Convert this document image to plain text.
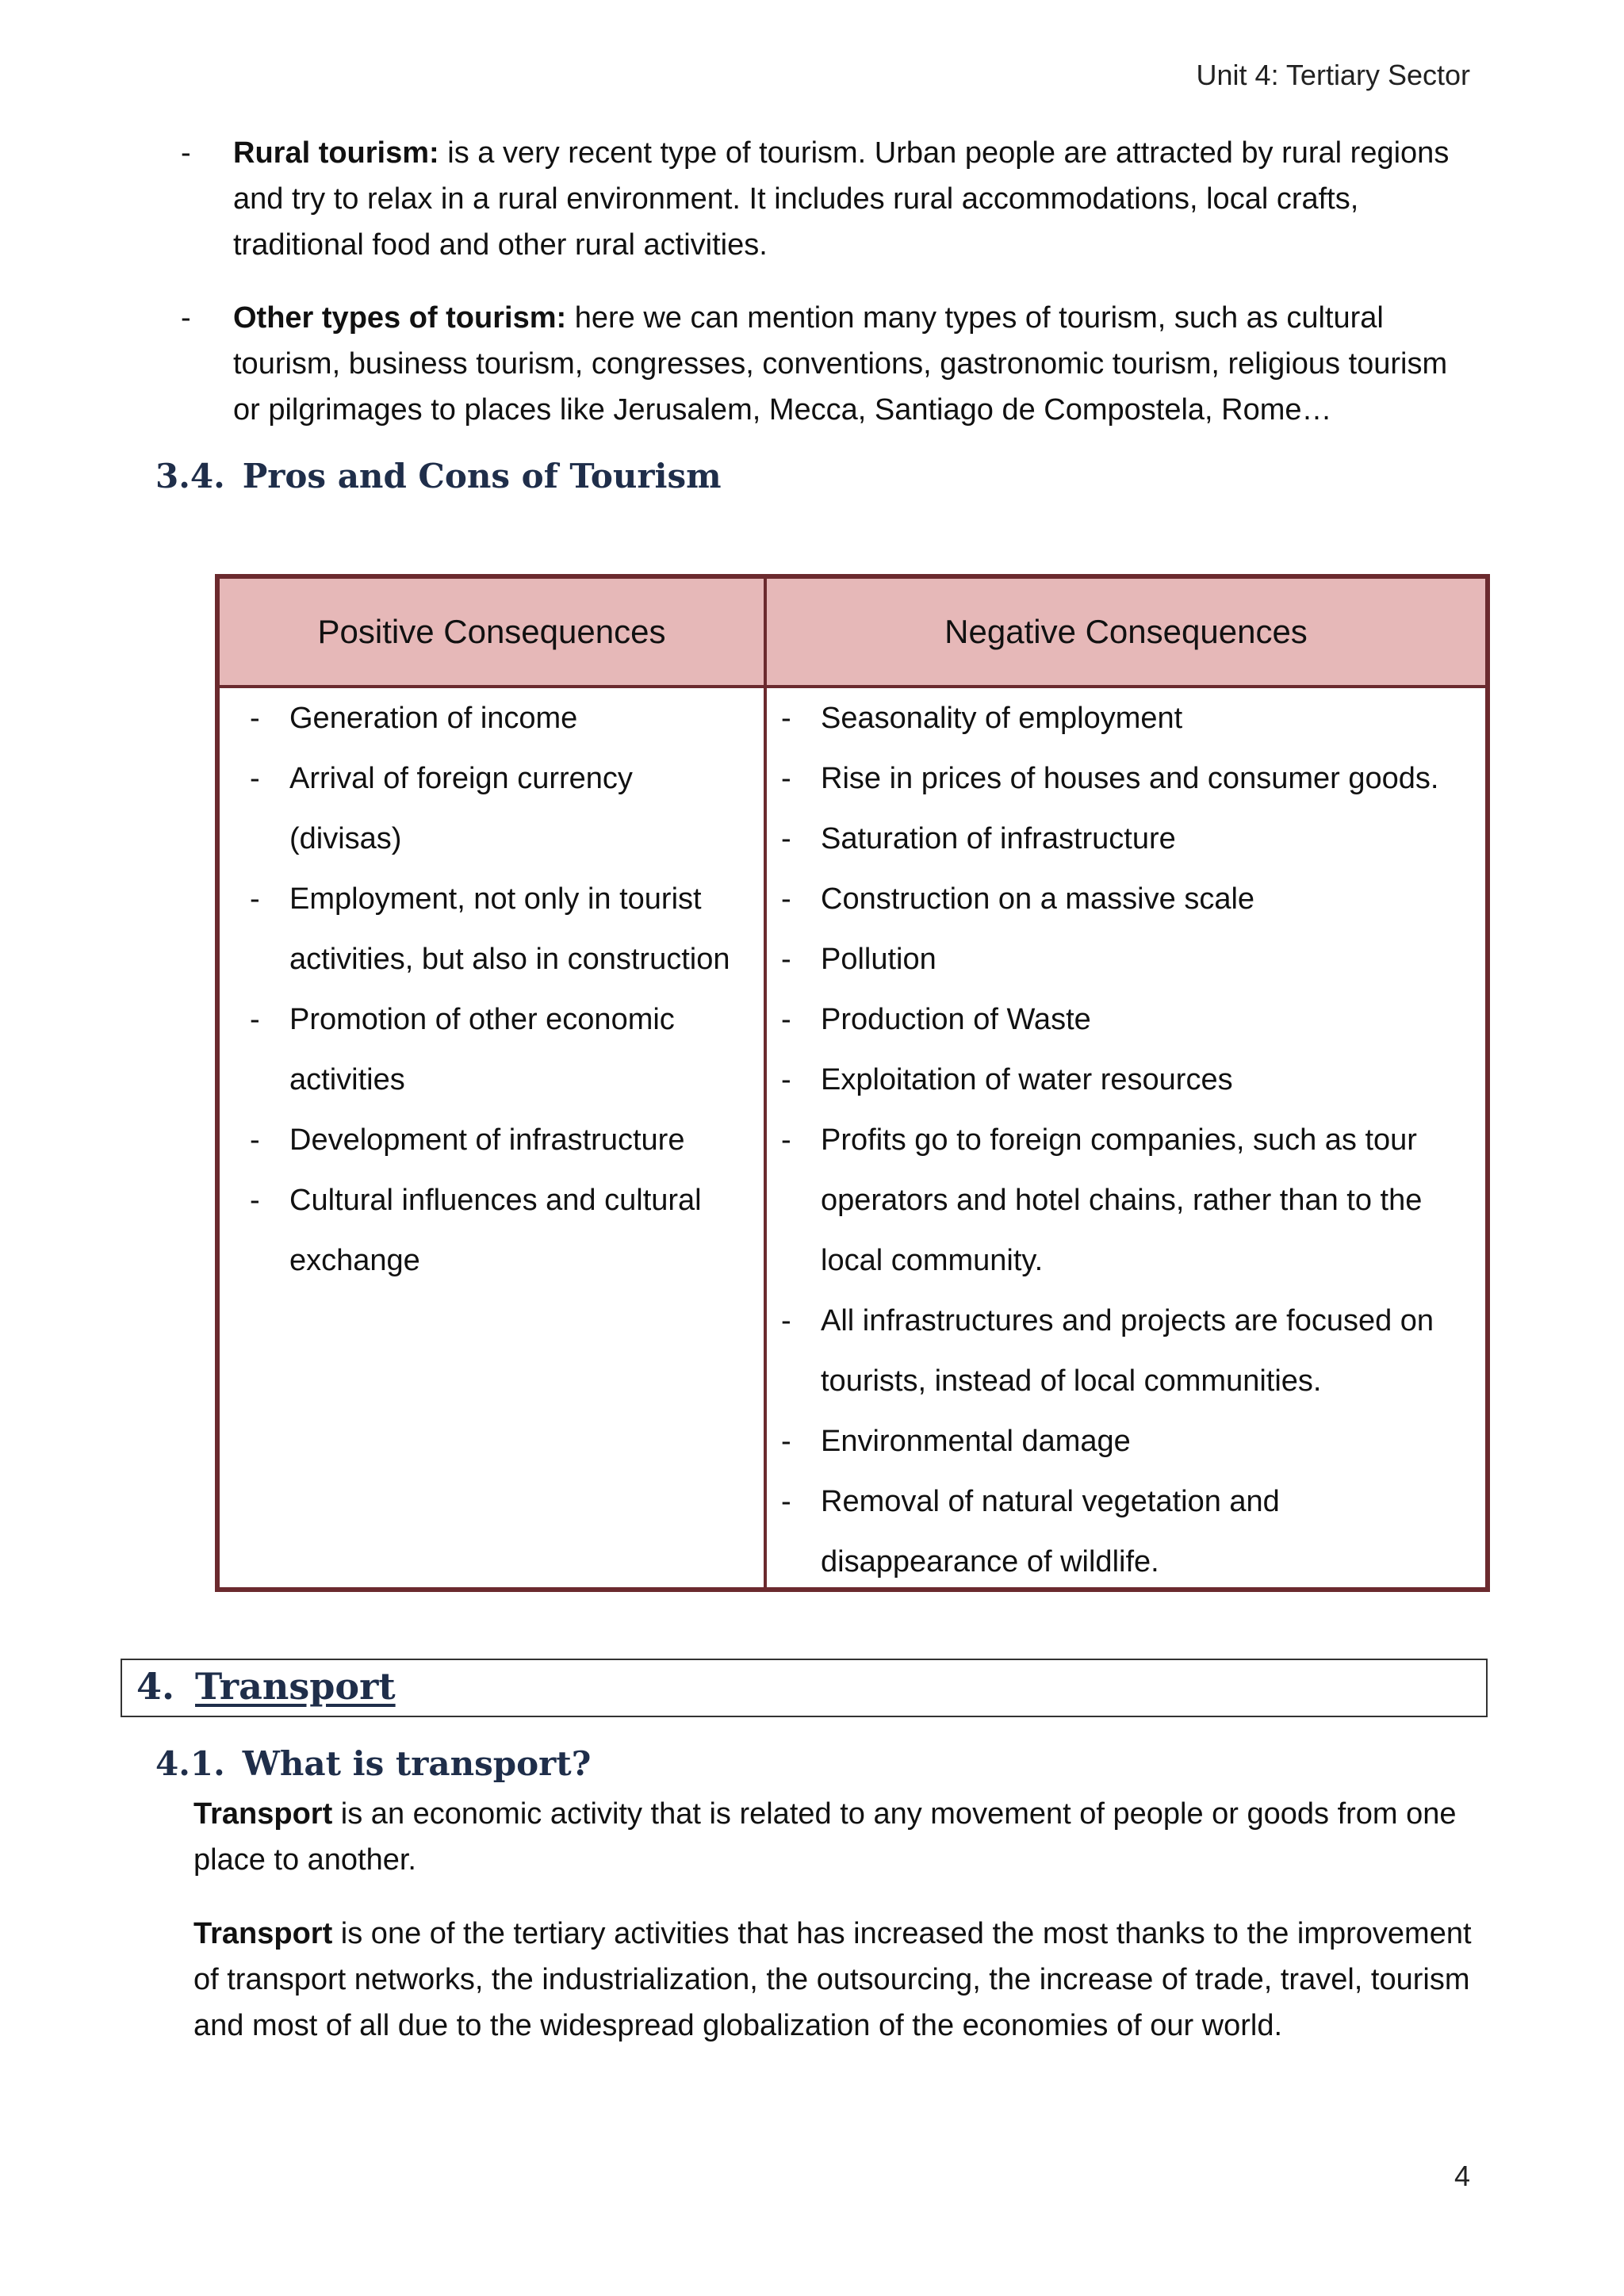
Unit 4: Tertiary Sector
- Rural tourism: is a very recent type of tourism. Urban people are attracted by rural regions and try to relax in a rural environment. It includes rural accommodations, local crafts, traditional food and other rural activities.
- Other types of tourism: here we can mention many types of tourism, such as cultural tourism, business tourism, congresses, conventions, gastronomic tourism, religious tourism or pilgrimages to places like Jerusalem, Mecca, Santiago de Compostela, Rome…
3.4. Pros and Cons of Tourism
Positive Consequences	Negative Consequences
- Generation of income
- Arrival of foreign currency (divisas)
- Employment, not only in tourist activities, but also in construction
- Promotion of other economic activities
- Development of infrastructure
- Cultural influences and cultural exchange
- Seasonality of employment
- Rise in prices of houses and consumer goods.
- Saturation of infrastructure
- Construction on a massive scale
- Pollution
- Production of Waste
- Exploitation of water resources
- Profits go to foreign companies, such as tour operators and hotel chains, rather than to the local community.
- All infrastructures and projects are focused on tourists, instead of local communities.
- Environmental damage
- Removal of natural vegetation and disappearance of wildlife.
4. Transport
4.1. What is transport?
Transport is an economic activity that is related to any movement of people or goods from one place to another.
Transport is one of the tertiary activities that has increased the most thanks to the improvement of transport networks, the industrialization, the outsourcing, the increase of trade, travel, tourism and most of all due to the widespread globalization of the economies of our world.
4
